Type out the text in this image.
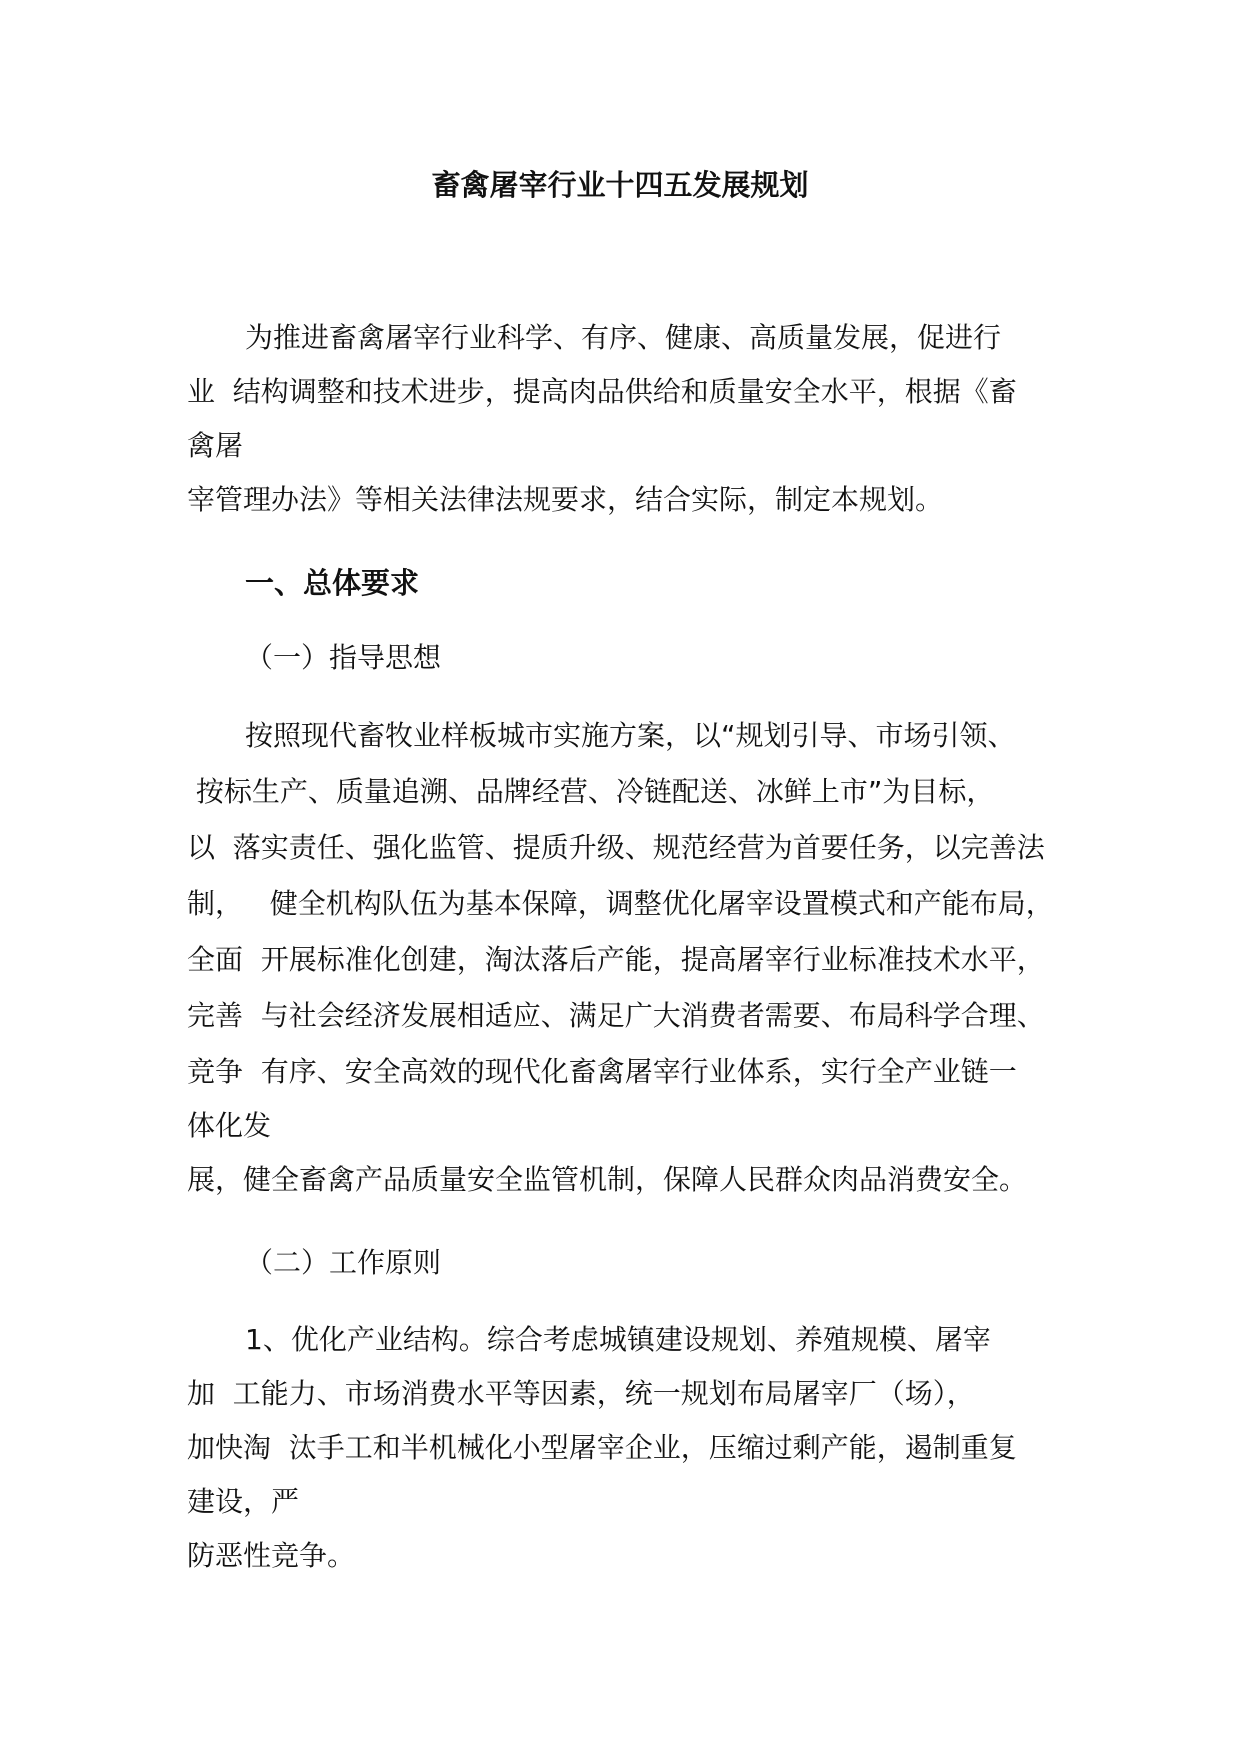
畜禽屠宰行业十四五发展规划
为推进畜禽屠宰行业科学、有序、健康、高质量发展，促进行
业  结构调整和技术进步，提高肉品供给和质量安全水平，根据《畜
禽屠
宰管理办法》等相关法律法规要求，结合实际，制定本规划。
一、总体要求
（一）指导思想
按照现代畜牧业样板城市实施方案，以“规划引导、市场引领、
按标生产、质量追溯、品牌经营、冷链配送、冰鲜上市”为目标，
以  落实责任、强化监管、提质升级、规范经营为首要任务，以完善法
制，   健全机构队伍为基本保障，调整优化屠宰设置模式和产能布局，
全面  开展标准化创建，淘汰落后产能，提高屠宰行业标准技术水平，
完善  与社会经济发展相适应、满足广大消费者需要、布局科学合理、
竞争  有序、安全高效的现代化畜禽屠宰行业体系，实行全产业链一
体化发
展，健全畜禽产品质量安全监管机制，保障人民群众肉品消费安全。
（二）工作原则
1、优化产业结构。综合考虑城镇建设规划、养殖规模、屠宰
加  工能力、市场消费水平等因素，统一规划布局屠宰厂（场），
加快淘  汰手工和半机械化小型屠宰企业，压缩过剩产能，遏制重复
建设，严
防恶性竞争。
